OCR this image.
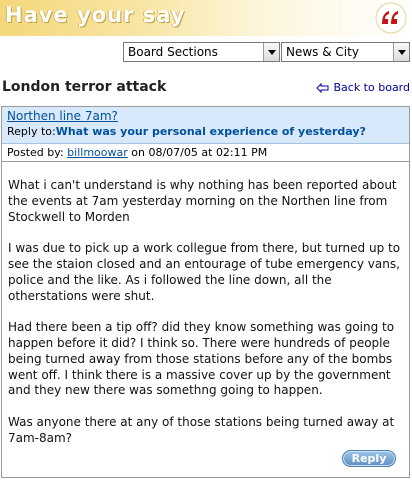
Have your say
Board Sections	News & City
London terror attack	Back to board
Northen line 7am?
Reply to:What was your personal experience of yesterday?
Posted by: billmoowar on 08/07/05 at 02:11 PM

What i can't understand is why nothing has been reported about the events at 7am yesterday morning on the Northen line from Stockwell to Morden

I was due to pick up a work collegue from there, but turned up to see the staion closed and an entourage of tube emergency vans, police and the like. As i followed the line down, all the otherstations were shut.

Had there been a tip off? did they know something was going to happen before it did? I think so. There were hundreds of people being turned away from those stations before any of the bombs went off. I think there is a massive cover up by the government and they new there was somethng going to happen.

Was anyone there at any of those stations being turned away at 7am-8am?

Reply
